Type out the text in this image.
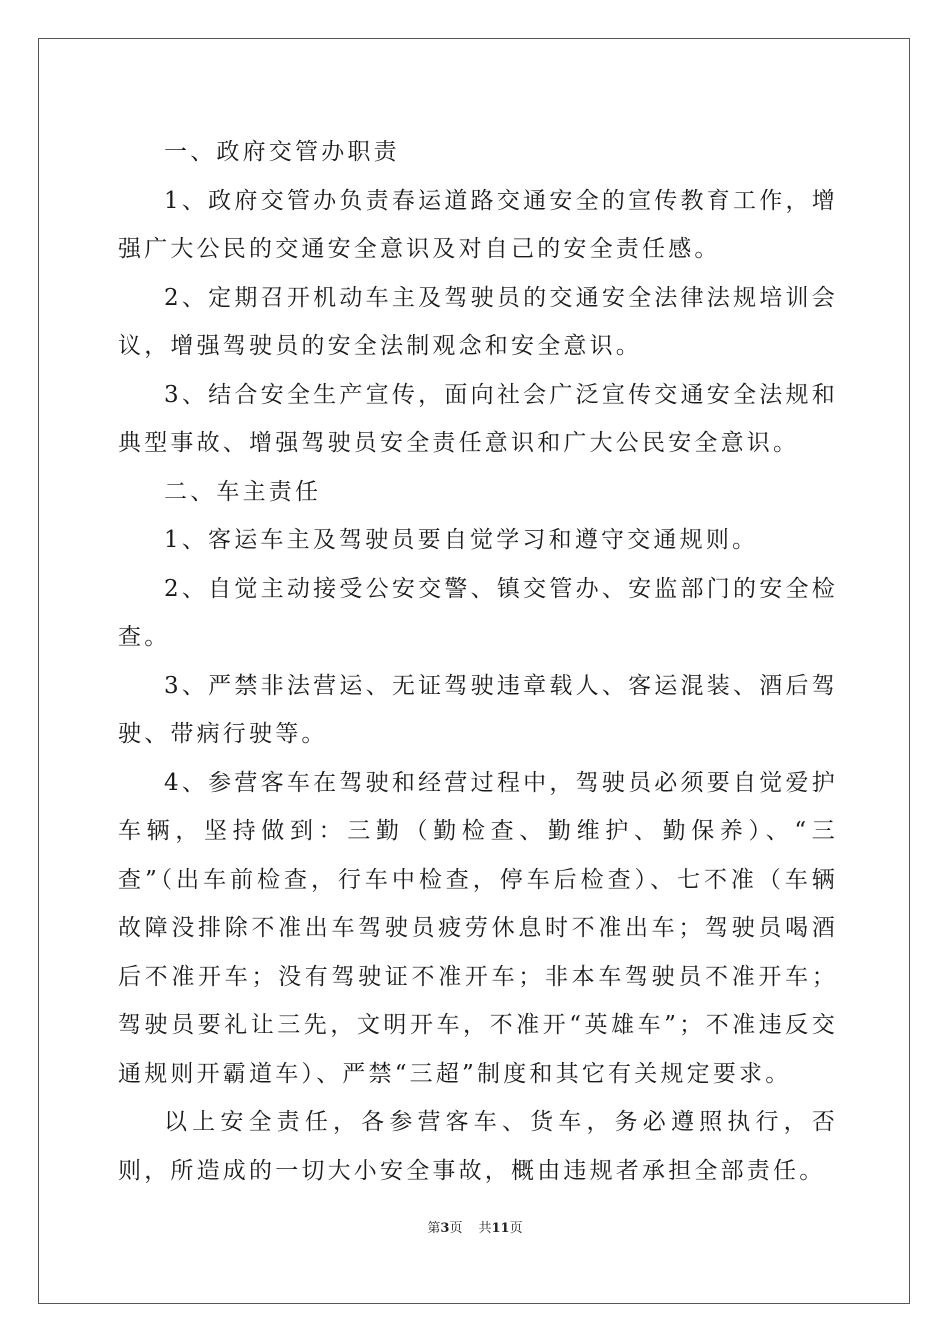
一、政府交管办职责

1、政府交管办负责春运道路交通安全的宣传教育工作，增强广大公民的交通安全意识及对自己的安全责任感。

2、定期召开机动车主及驾驶员的交通安全法律法规培训会议，增强驾驶员的安全法制观念和安全意识。

3、结合安全生产宣传，面向社会广泛宣传交通安全法规和典型事故、增强驾驶员安全责任意识和广大公民安全意识。

二、车主责任

1、客运车主及驾驶员要自觉学习和遵守交通规则。

2、自觉主动接受公安交警、镇交管办、安监部门的安全检查。

3、严禁非法营运、无证驾驶违章载人、客运混装、酒后驾驶、带病行驶等。

4、参营客车在驾驶和经营过程中，驾驶员必须要自觉爱护车辆，坚持做到：三勤（勤检查、勤维护、勤保养）、“三查”（出车前检查，行车中检查，停车后检查）、七不准（车辆故障没排除不准出车驾驶员疲劳休息时不准出车；驾驶员喝酒后不准开车；没有驾驶证不准开车；非本车驾驶员不准开车；驾驶员要礼让三先，文明开车，不准开“英雄车”；不准违反交通规则开霸道车）、严禁“三超”制度和其它有关规定要求。

以上安全责任，各参营客车、货车，务必遵照执行，否则，所造成的一切大小安全事故，概由违规者承担全部责任。

第3页 共11页
